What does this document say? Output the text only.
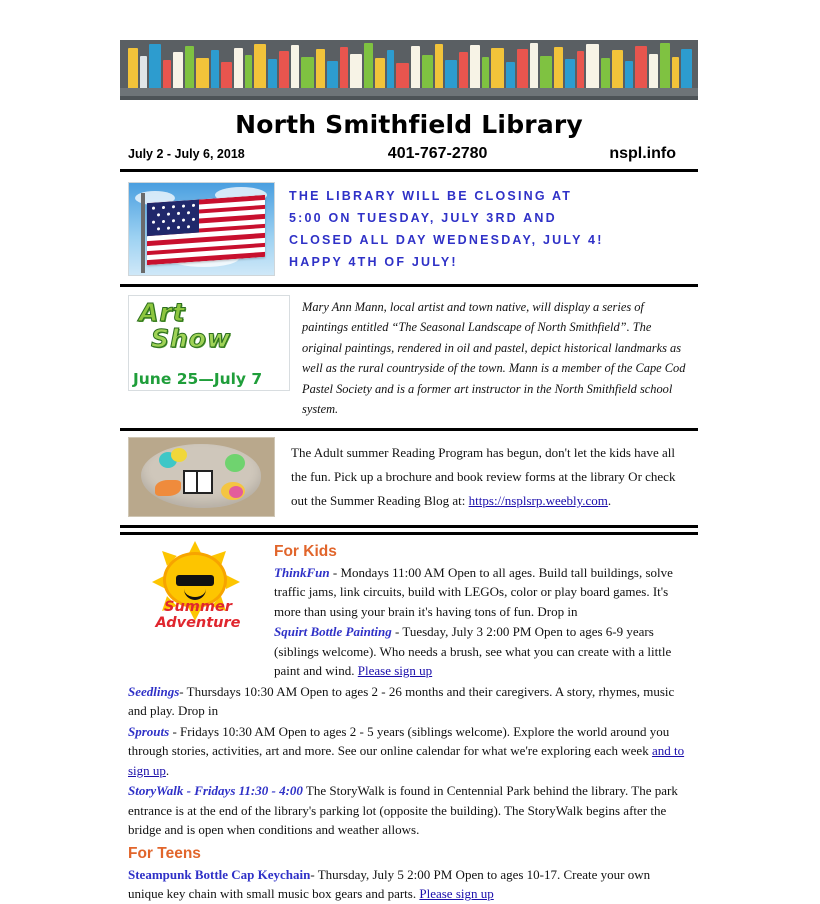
North Smithfield Library
July 2 - July 6, 2018	401-767-2780	nspl.info
THE LIBRARY WILL BE CLOSING AT
5:00 ON TUESDAY, JULY 3RD AND
CLOSED ALL DAY WEDNESDAY, JULY 4!
HAPPY 4TH OF JULY!
Art
Show
June 25—July 7
Mary Ann Mann, local artist and town native, will display a series of paintings entitled “The Seasonal Landscape of North Smithfield”. The original paintings, rendered in oil and pastel, depict historical landmarks as well as the rural countryside of the town. Mann is a member of the Cape Cod Pastel Society and is a former art instructor in the North Smithfield school system.
The Adult summer Reading Program has begun, don't let the kids have all the fun. Pick up a brochure and book review forms at the library Or check out the Summer Reading Blog at: https://nsplsrp.weebly.com.
Summer Adventure
For Kids
ThinkFun - Mondays 11:00 AM Open to all ages. Build tall buildings, solve traffic jams, link circuits, build with LEGOs, color or play board games. It's more than using your brain it's having tons of fun. Drop in
Squirt Bottle Painting - Tuesday, July 3 2:00 PM Open to ages 6-9 years (siblings welcome). Who needs a brush, see what you can create with a little paint and wind. Please sign up
Seedlings- Thursdays 10:30 AM Open to ages 2 - 26 months and their caregivers. A story, rhymes, music and play. Drop in
Sprouts - Fridays 10:30 AM Open to ages 2 - 5 years (siblings welcome). Explore the world around you through stories, activities, art and more. See our online calendar for what we're exploring each week and to sign up.
StoryWalk - Fridays 11:30 - 4:00 The StoryWalk is found in Centennial Park behind the library. The park entrance is at the end of the library's parking lot (opposite the building). The StoryWalk begins after the bridge and is open when conditions and weather allows.
For Teens
Steampunk Bottle Cap Keychain- Thursday, July 5 2:00 PM Open to ages 10-17. Create your own unique key chain with small music box gears and parts. Please sign up
